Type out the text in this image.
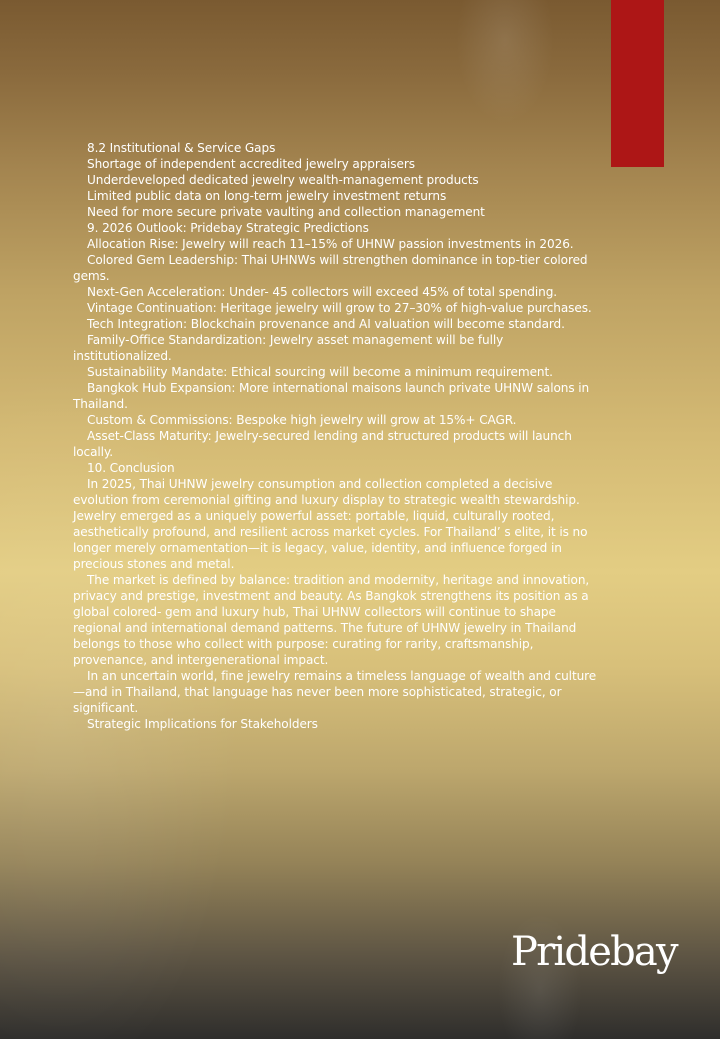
8.2 Institutional & Service Gaps

Shortage of independent accredited jewelry appraisers

Underdeveloped dedicated jewelry wealth-management products

Limited public data on long-term jewelry investment returns

Need for more secure private vaulting and collection management

9. 2026 Outlook: Pridebay Strategic Predictions

Allocation Rise: Jewelry will reach 11–15% of UHNW passion investments in 2026.

Colored Gem Leadership: Thai UHNWs will strengthen dominance in top-tier colored gems.

Next-Gen Acceleration: Under- 45 collectors will exceed 45% of total spending.

Vintage Continuation: Heritage jewelry will grow to 27–30% of high-value purchases.

Tech Integration: Blockchain provenance and AI valuation will become standard.

Family-Office Standardization: Jewelry asset management will be fully institutionalized.

Sustainability Mandate: Ethical sourcing will become a minimum requirement.

Bangkok Hub Expansion: More international maisons launch private UHNW salons in Thailand.

Custom & Commissions: Bespoke high jewelry will grow at 15%+ CAGR.

Asset-Class Maturity: Jewelry-secured lending and structured products will launch locally.

10. Conclusion

In 2025, Thai UHNW jewelry consumption and collection completed a decisive evolution from ceremonial gifting and luxury display to strategic wealth stewardship. Jewelry emerged as a uniquely powerful asset: portable, liquid, culturally rooted, aesthetically profound, and resilient across market cycles. For Thailand’ s elite, it is no longer merely ornamentation—it is legacy, value, identity, and influence forged in precious stones and metal.

The market is defined by balance: tradition and modernity, heritage and innovation, privacy and prestige, investment and beauty. As Bangkok strengthens its position as a global colored- gem and luxury hub, Thai UHNW collectors will continue to shape regional and international demand patterns. The future of UHNW jewelry in Thailand belongs to those who collect with purpose: curating for rarity, craftsmanship, provenance, and intergenerational impact.

In an uncertain world, fine jewelry remains a timeless language of wealth and culture—and in Thailand, that language has never been more sophisticated, strategic, or significant.

Strategic Implications for Stakeholders

Pridebay
